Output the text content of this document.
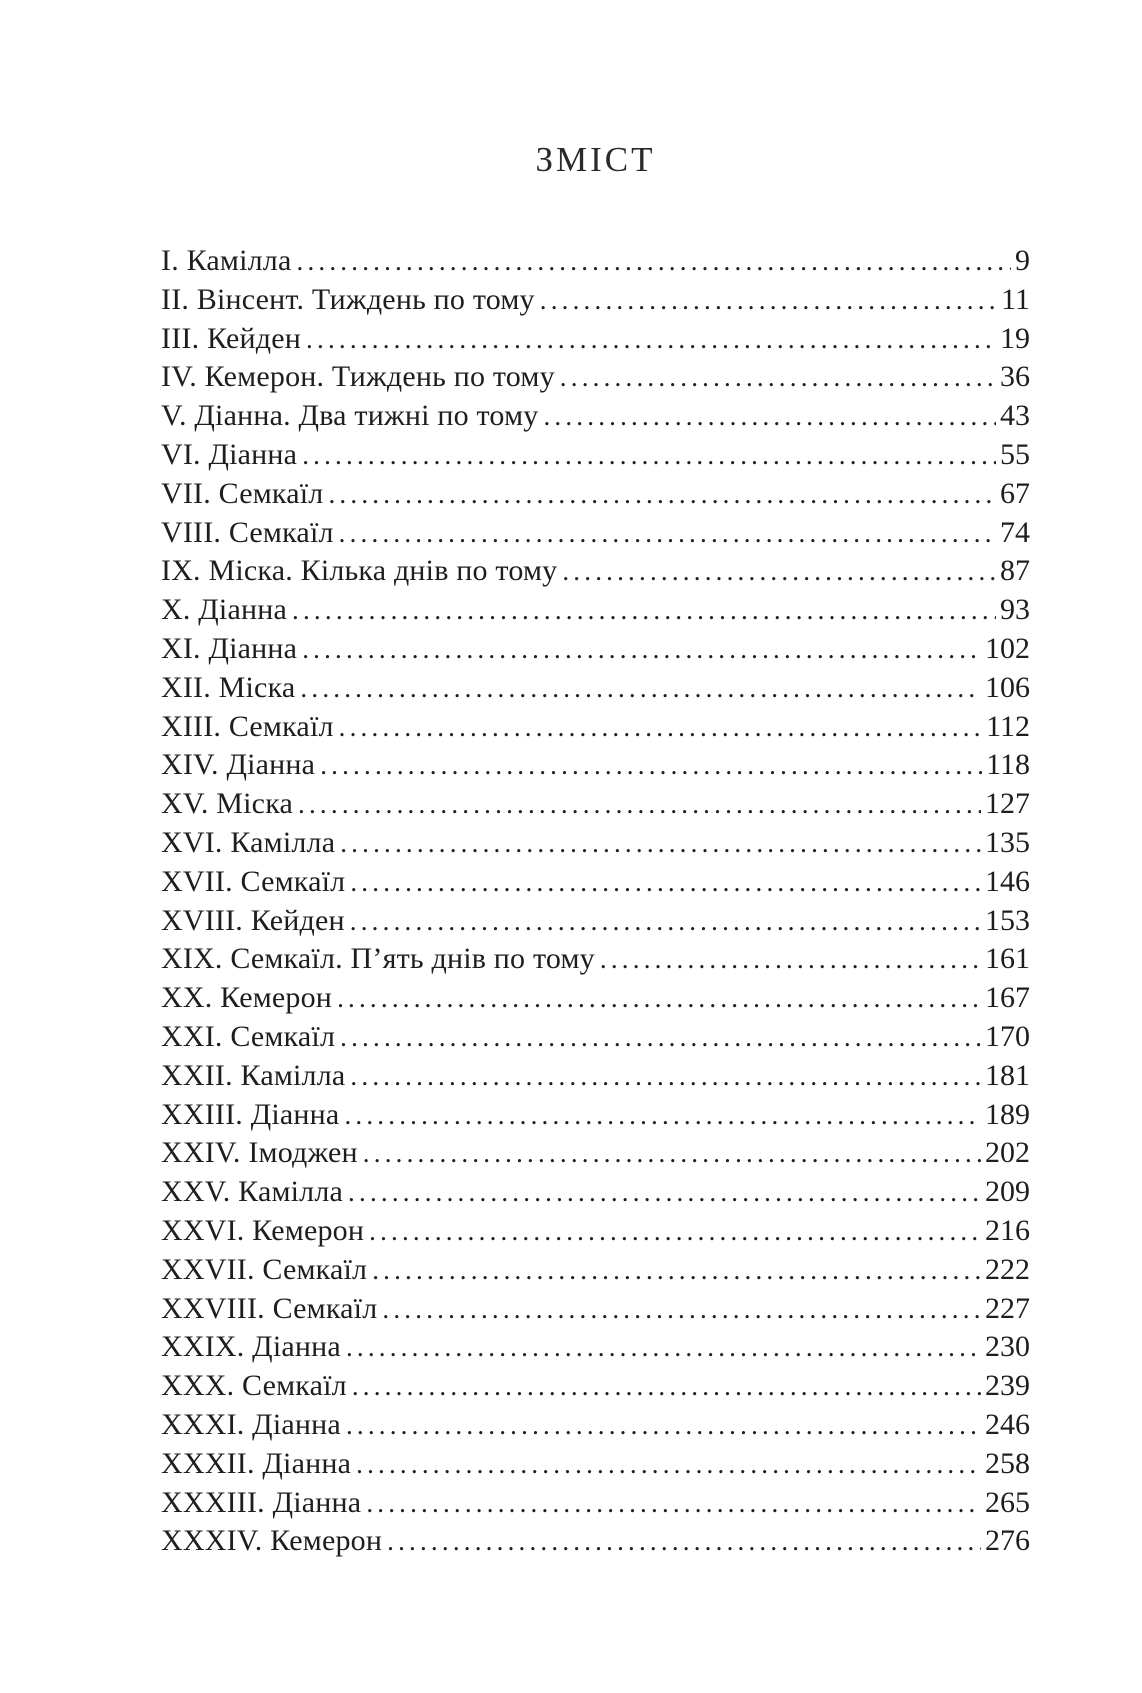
ЗМІСТ
I. Камілла .....	9
II. Вінсент. Тиждень по тому .....	11
III. Кейден .....	19
IV. Кемерон. Тиждень по тому .....	36
V. Діанна. Два тижні по тому .....	43
VI. Діанна .....	55
VII. Семкаїл .....	67
VIII. Семкаїл .....	74
IX. Міска. Кілька днів по тому .....	87
X. Діанна .....	93
XI. Діанна .....	102
XII. Міска .....	106
XIII. Семкаїл .....	112
XIV. Діанна .....	118
XV. Міска .....	127
XVI. Камілла .....	135
XVII. Семкаїл .....	146
XVIII. Кейден .....	153
XIX. Семкаїл. П’ять днів по тому .....	161
XX. Кемерон .....	167
XXI. Семкаїл .....	170
XXII. Камілла .....	181
XXIII. Діанна .....	189
XXIV. Імоджен .....	202
XXV. Камілла .....	209
XXVI. Кемерон .....	216
XXVII. Семкаїл .....	222
XXVIII. Семкаїл .....	227
XXIX. Діанна .....	230
XXX. Семкаїл .....	239
XXXI. Діанна .....	246
XXXII. Діанна .....	258
XXXIII. Діанна .....	265
XXXIV. Кемерон .....	276
